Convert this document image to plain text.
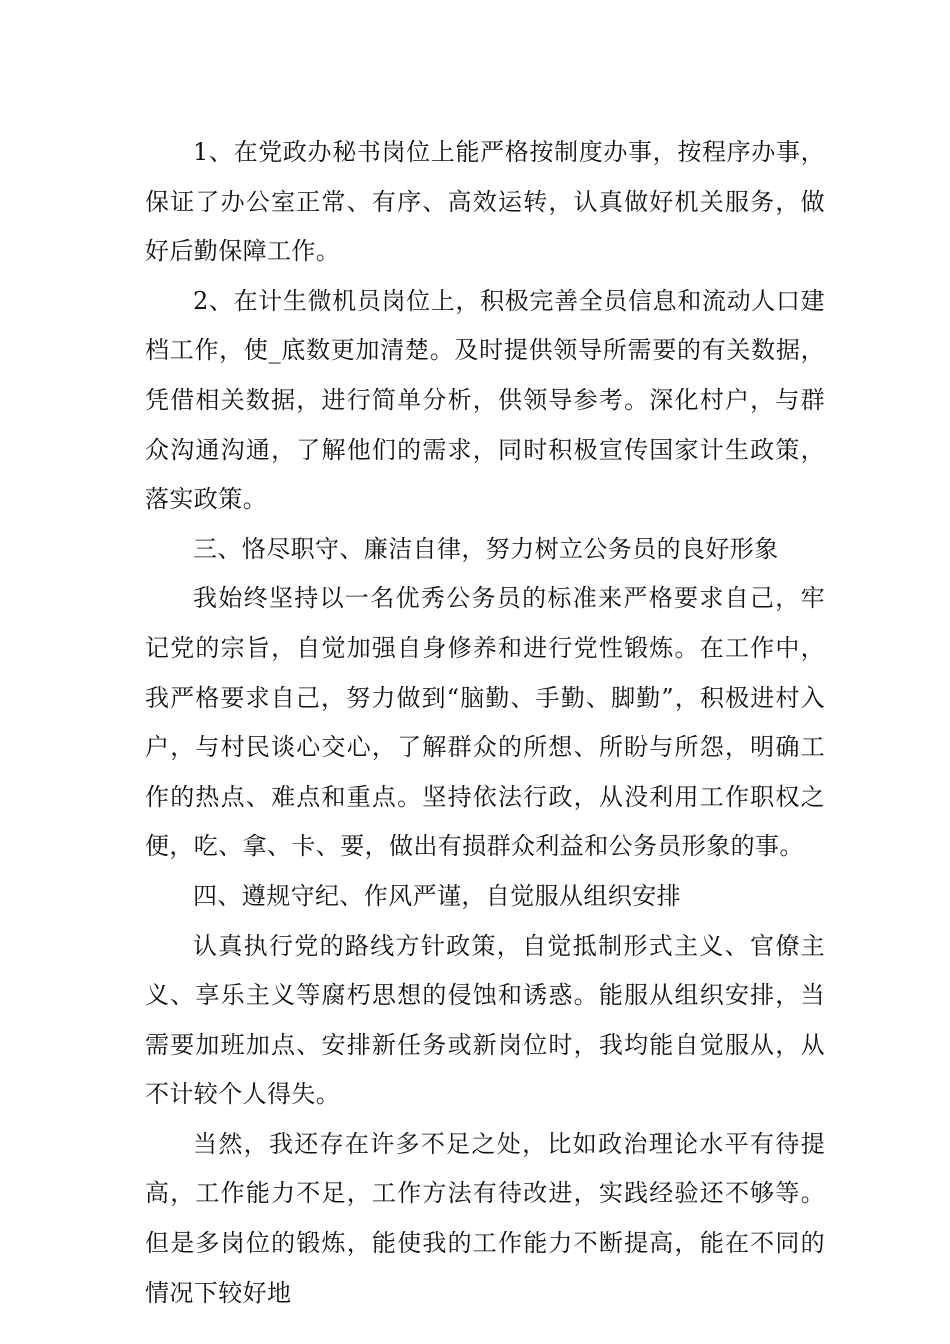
1、在党政办秘书岗位上能严格按制度办事，按程序办事，保证了办公室正常、有序、高效运转，认真做好机关服务，做好后勤保障工作。

2、在计生微机员岗位上，积极完善全员信息和流动人口建档工作，使_底数更加清楚。及时提供领导所需要的有关数据，凭借相关数据，进行简单分析，供领导参考。深化村户，与群众沟通沟通，了解他们的需求，同时积极宣传国家计生政策，落实政策。

三、恪尽职守、廉洁自律，努力树立公务员的良好形象

我始终坚持以一名优秀公务员的标准来严格要求自己，牢记党的宗旨，自觉加强自身修养和进行党性锻炼。在工作中，我严格要求自己，努力做到“脑勤、手勤、脚勤”，积极进村入户，与村民谈心交心，了解群众的所想、所盼与所怨，明确工作的热点、难点和重点。坚持依法行政，从没利用工作职权之便，吃、拿、卡、要，做出有损群众利益和公务员形象的事。

四、遵规守纪、作风严谨，自觉服从组织安排

认真执行党的路线方针政策，自觉抵制形式主义、官僚主义、享乐主义等腐朽思想的侵蚀和诱惑。能服从组织安排，当需要加班加点、安排新任务或新岗位时，我均能自觉服从，从不计较个人得失。

当然，我还存在许多不足之处，比如政治理论水平有待提高，工作能力不足，工作方法有待改进，实践经验还不够等。但是多岗位的锻炼，能使我的工作能力不断提高，能在不同的情况下较好地
